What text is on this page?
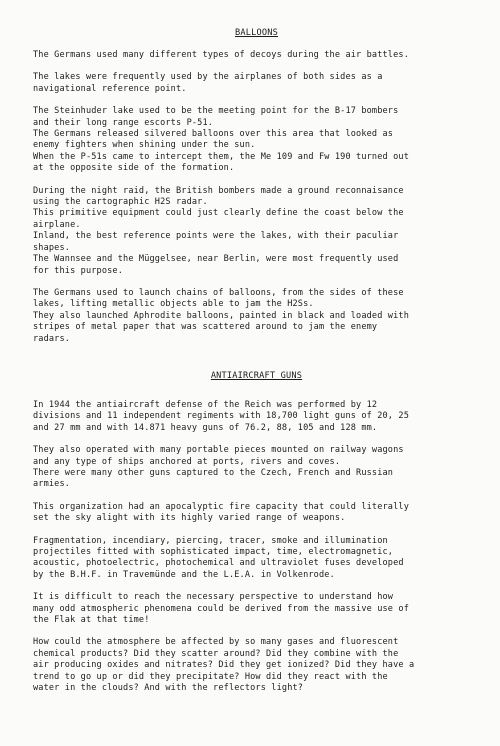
BALLOONS

The Germans used many different types of decoys during the air battles.

The lakes were frequently used by the airplanes of both sides as a
navigational reference point.

The Steinhuder lake used to be the meeting point for the B-17 bombers
and their long range escorts P-51.
The Germans released silvered balloons over this area that looked as
enemy fighters when shining under the sun.
When the P-51s came to intercept them, the Me 109 and Fw 190 turned out
at the opposite side of the formation.

During the night raid, the British bombers made a ground reconnaisance
using the cartographic H2S radar.
This primitive equipment could just clearly define the coast below the
airplane.
Inland, the best reference points were the lakes, with their paculiar
shapes.
The Wannsee and the Müggelsee, near Berlin, were most frequently used
for this purpose.

The Germans used to launch chains of balloons, from the sides of these
lakes, lifting metallic objects able to jam the H2Ss.
They also launched Aphrodite balloons, painted in black and loaded with
stripes of metal paper that was scattered around to jam the enemy
radars.

ANTIAIRCRAFT GUNS

In 1944 the antiaircraft defense of the Reich was performed by 12
divisions and 11 independent regiments with 18,700 light guns of 20, 25
and 27 mm and with 14.871 heavy guns of 76.2, 88, 105 and 128 mm.

They also operated with many portable pieces mounted on railway wagons
and any type of ships anchored at ports, rivers and coves.
There were many other guns captured to the Czech, French and Russian
armies.

This organization had an apocalyptic fire capacity that could literally
set the sky alight with its highly varied range of weapons.

Fragmentation, incendiary, piercing, tracer, smoke and illumination
projectiles fitted with sophisticated impact, time, electromagnetic,
acoustic, photoelectric, photochemical and ultraviolet fuses developed
by the B.H.F. in Travemünde and the L.E.A. in Volkenrode.

It is difficult to reach the necessary perspective to understand how
many odd atmospheric phenomena could be derived from the massive use of
the Flak at that time!

How could the atmosphere be affected by so many gases and fluorescent
chemical products? Did they scatter around? Did they combine with the
air producing oxides and nitrates? Did they get ionized? Did they have a
trend to go up or did they precipitate? How did they react with the
water in the clouds? And with the reflectors light?
